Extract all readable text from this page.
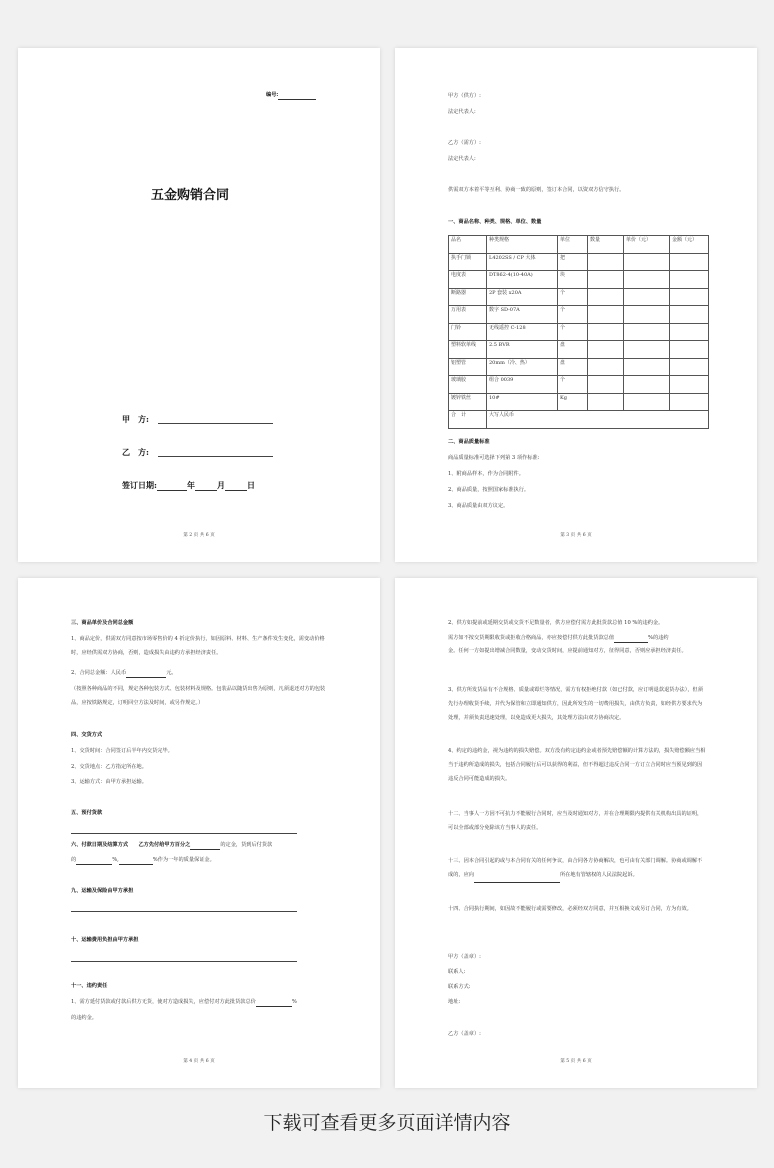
编号:
五金购销合同
甲　方:
乙　方:
签订日期:	年	月	日
第 2 页 共 6 页
甲方（供方）:
法定代表人:
乙方（需方）:
法定代表人:
供需双方本着平等互利、协商一致的原则，签订本合同，以资双方信守执行。
一、商品名称、种类、规格、单位、数量
品名	种类规格	单位	数量	单价（元）	金额（元）
执手门锁	L4202SS / CP 大体	把			
电度表	DT862-4(10-40A)	块			
断路器	2P 套装 x20A	个			
万用表	数字 SD-07A	个			
门铃	无线遥控 C-128	个			
塑料软单线	2.5 BVR	盘			
铝塑管	20mm（冷、热）	盘			
玻璃胶	组合 0039	个			
镀锌铁丝	10#	Kg			
合　计	大写人民币				
二、商品质量标准
商品质量标准可选择下列第 3 项作标准:
1、附商品样本，作为合同附件。
2、商品质量，按照国家标准执行。
3、商品质量由双方议定。
第 3 页 共 6 页
三、商品单价及合同总金额
1、商品定价，供需双方同意按市场零售价的 4 折定价执行，如因原料、材料、生产条件发生变化，需变动价格时，应经供需双方协商，否则，造成损失由违约方承担经济责任。
2、合同总金额：人民币	元。
（按照各种商品的不同，规定各种包装方式、包装材料及规格。包装品以随货出售为原则，凡须退还对方的包装品，应按铁路规定，订明回空方法及时间，或另作规定。）
四、交货方式
1、交货时间：合同签订后半年内交货完毕。
2、交货地点：乙方指定所在地。
3、运输方式：由甲方承担运输。
五、预付货款
六、付款日期及结算方式　　乙方先付给甲方百分之	的定金，货到后付货款
的	%,	%作为一年的质量保证金。
九、运输及保险由甲方承担
十、运输费用负担由甲方承担
十一、违约责任
1、需方延付货款或付款后供方无货，使对方造成损失，应偿付对方此批货款总价	%
的违约金。
第 4 页 共 6 页
2、供方如提前或延期交货或交货不足数量者，供方应偿付需方此批货款总值 10 %的违约金。
需方如不按交货期限收货或拒收合格商品，亦应按偿付供方此批货款总值	%的违约
金。任何一方如提出增减合同数量，变动交货时间，应提前通知对方，征得同意，否则应承担经济责任。
3、供方所发货品有不合规格、质量或霉烂等情况，需方有权拒绝付款（如已付款，应订明退款退货办法），但须先行办理收货手续，并代为保管和立即通知供方，因此所发生的一切费用损失，由供方负责，如经供方要求代为处理，并须负责迅速处理，以免造成更大损失，其处理方法由双方协商决定。
4、约定的违约金，视为违约的损失赔偿。双方没有约定违约金或者预先赔偿额的计算方法的，损失赔偿额应当相当于违约所造成的损失，包括合同履行后可以获得的利益，但不得超过违反合同一方订立合同时应当预见到的因违反合同可能造成的损失。
十二、当事人一方因不可抗力不能履行合同时，应当及时通知对方，并在合理期限内提供有关机构出具的证明，可以全部或部分免除该方当事人的责任。
十三、因本合同引起的或与本合同有关的任何争议，由合同各方协商解决，也可由有关部门调解。协商或调解不成的，应向	所在地有管辖权的人民法院起诉。
十四、合同执行期间，如因故不能履行或需要修改，必须经双方同意，并互相换文或另订合同，方为有效。
甲方（盖章）:
联系人:
联系方式:
地址:
乙方（盖章）:
第 5 页 共 6 页
下载可查看更多页面详情内容
